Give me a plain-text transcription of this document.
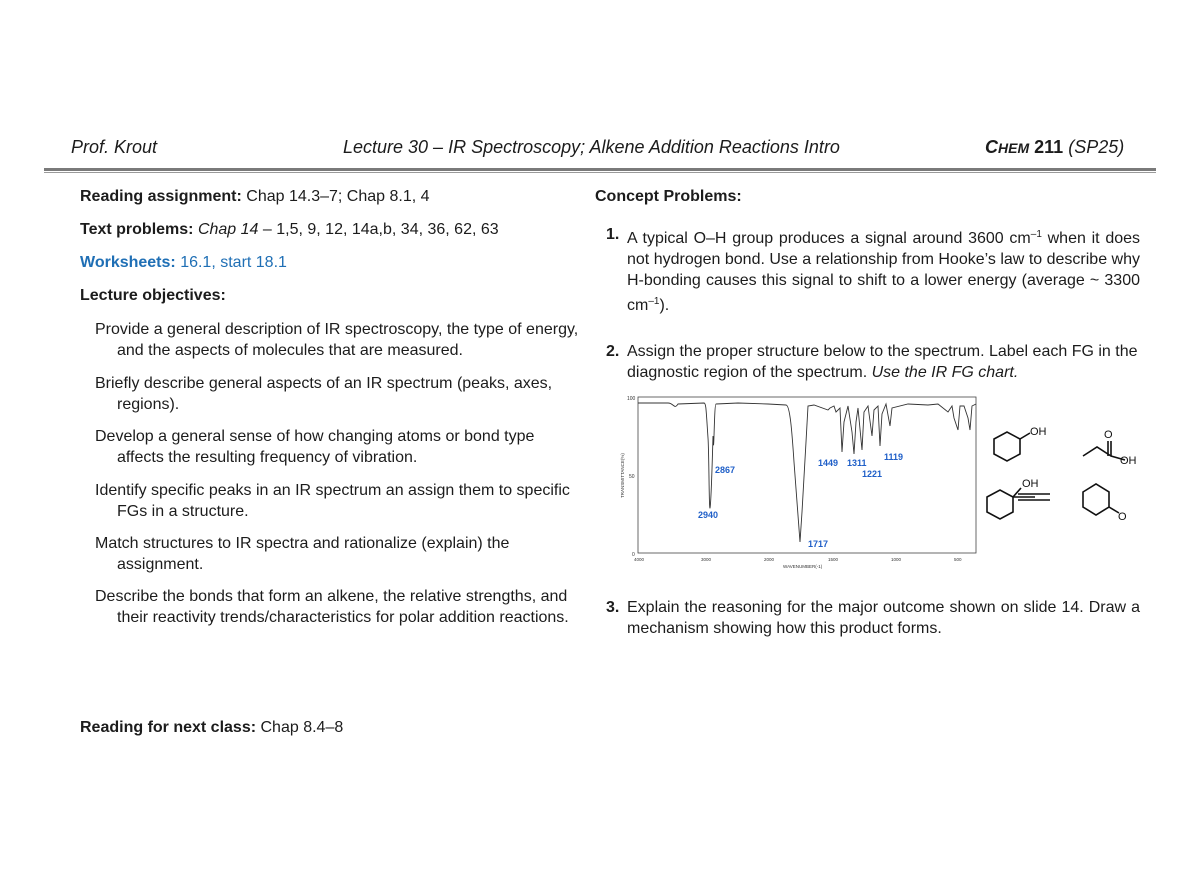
Prof. Krout	Lecture 30 – IR Spectroscopy; Alkene Addition Reactions Intro	CHEM 211 (SP25)
Reading assignment: Chap 14.3–7; Chap 8.1, 4
Text problems: Chap 14 – 1,5, 9, 12, 14a,b, 34, 36, 62, 63
Worksheets: 16.1, start 18.1
Lecture objectives:

Provide a general description of IR spectroscopy, the type of energy, and the aspects of molecules that are measured.

Briefly describe general aspects of an IR spectrum (peaks, axes, regions).

Develop a general sense of how changing atoms or bond type affects the resulting frequency of vibration.

Identify specific peaks in an IR spectrum an assign them to specific FGs in a structure.

Match structures to IR spectra and rationalize (explain) the assignment.

Describe the bonds that form an alkene, the relative strengths, and their reactivity trends/characteristics for polar addition reactions.

Reading for next class: Chap 8.4–8
Concept Problems:
1. A typical O–H group produces a signal around 3600 $cm^{-1}$ when it does not hydrogen bond. Use a relationship from Hooke’s law to describe why H-bonding causes this signal to shift to a lower energy (average ~ 3300 $cm^{-1}$).
2. Assign the proper structure below to the spectrum. Label each FG in the diagnostic region of the spectrum. Use the IR FG chart.
100
50
0
TRANSMITTANCE(%)
4000	3000	2000	1500	1000	500
WAVENUMBER(-1)
2867
2940
1717
1449 1311
1221
1119
OH	O
OH
OH
O
3. Explain the reasoning for the major outcome shown on slide 14. Draw a mechanism showing how this product forms.
